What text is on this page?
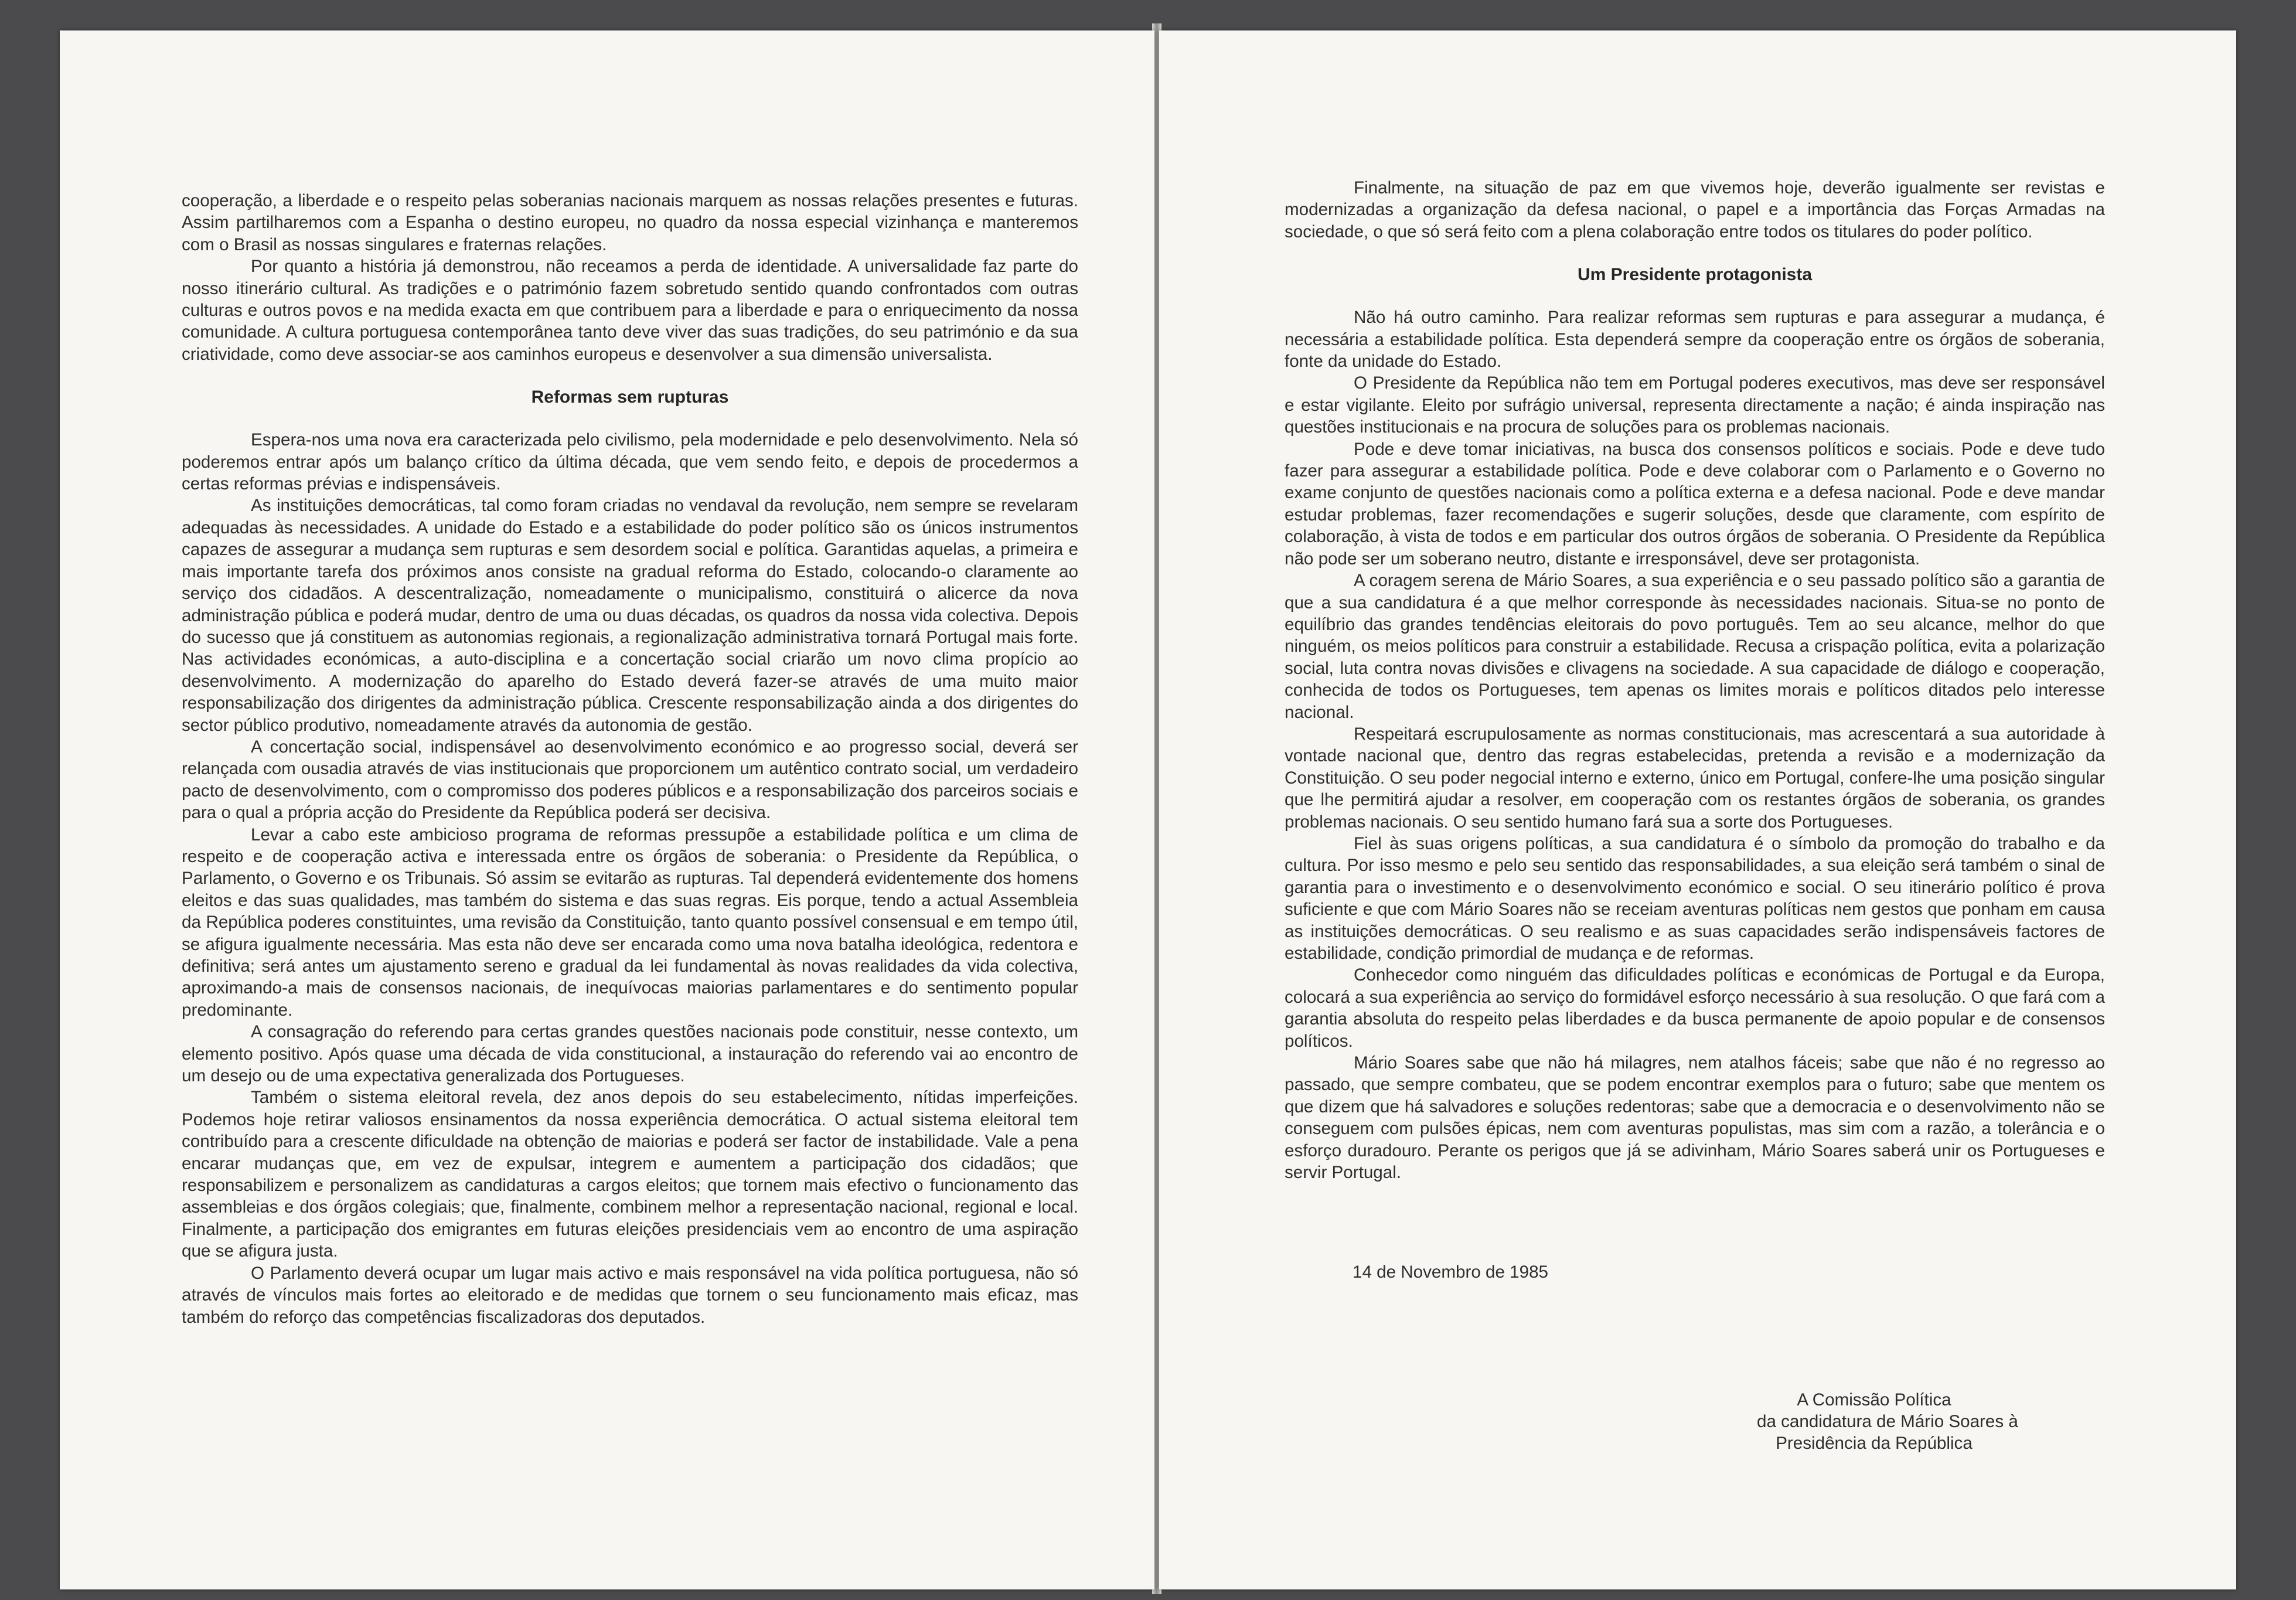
cooperação, a liberdade e o respeito pelas soberanias nacionais marquem as nossas relações presentes e futuras. Assim partilharemos com a Espanha o destino europeu, no quadro da nossa especial vizinhança e manteremos com o Brasil as nossas singulares e fraternas relações.

Por quanto a história já demonstrou, não receamos a perda de identidade. A universalidade faz parte do nosso itinerário cultural. As tradições e o património fazem sobretudo sentido quando confrontados com outras culturas e outros povos e na medida exacta em que contribuem para a liberdade e para o enriquecimento da nossa comunidade. A cultura portuguesa contemporânea tanto deve viver das suas tradições, do seu património e da sua criatividade, como deve associar-se aos caminhos europeus e desenvolver a sua dimensão universalista.

Reformas sem rupturas

Espera-nos uma nova era caracterizada pelo civilismo, pela modernidade e pelo desenvolvimento. Nela só poderemos entrar após um balanço crítico da última década, que vem sendo feito, e depois de procedermos a certas reformas prévias e indispensáveis.

As instituições democráticas, tal como foram criadas no vendaval da revolução, nem sempre se revelaram adequadas às necessidades. A unidade do Estado e a estabilidade do poder político são os únicos instrumentos capazes de assegurar a mudança sem rupturas e sem desordem social e política. Garantidas aquelas, a primeira e mais importante tarefa dos próximos anos consiste na gradual reforma do Estado, colocando-o claramente ao serviço dos cidadãos. A descentralização, nomeadamente o municipalismo, constituirá o alicerce da nova administração pública e poderá mudar, dentro de uma ou duas décadas, os quadros da nossa vida colectiva. Depois do sucesso que já constituem as autonomias regionais, a regionalização administrativa tornará Portugal mais forte. Nas actividades económicas, a auto-disciplina e a concertação social criarão um novo clima propício ao desenvolvimento. A modernização do aparelho do Estado deverá fazer-se através de uma muito maior responsabilização dos dirigentes da administração pública. Crescente responsabilização ainda a dos dirigentes do sector público produtivo, nomeadamente através da autonomia de gestão.

A concertação social, indispensável ao desenvolvimento económico e ao progresso social, deverá ser relançada com ousadia através de vias institucionais que proporcionem um autêntico contrato social, um verdadeiro pacto de desenvolvimento, com o compromisso dos poderes públicos e a responsabilização dos parceiros sociais e para o qual a própria acção do Presidente da República poderá ser decisiva.

Levar a cabo este ambicioso programa de reformas pressupõe a estabilidade política e um clima de respeito e de cooperação activa e interessada entre os órgãos de soberania: o Presidente da República, o Parlamento, o Governo e os Tribunais. Só assim se evitarão as rupturas. Tal dependerá evidentemente dos homens eleitos e das suas qualidades, mas também do sistema e das suas regras. Eis porque, tendo a actual Assembleia da República poderes constituintes, uma revisão da Constituição, tanto quanto possível consensual e em tempo útil, se afigura igualmente necessária. Mas esta não deve ser encarada como uma nova batalha ideológica, redentora e definitiva; será antes um ajustamento sereno e gradual da lei fundamental às novas realidades da vida colectiva, aproximando-a mais de consensos nacionais, de inequívocas maiorias parlamentares e do sentimento popular predominante.

A consagração do referendo para certas grandes questões nacionais pode constituir, nesse contexto, um elemento positivo. Após quase uma década de vida constitucional, a instauração do referendo vai ao encontro de um desejo ou de uma expectativa generalizada dos Portugueses.

Também o sistema eleitoral revela, dez anos depois do seu estabelecimento, nítidas imperfeições. Podemos hoje retirar valiosos ensinamentos da nossa experiência democrática. O actual sistema eleitoral tem contribuído para a crescente dificuldade na obtenção de maiorias e poderá ser factor de instabilidade. Vale a pena encarar mudanças que, em vez de expulsar, integrem e aumentem a participação dos cidadãos; que responsabilizem e personalizem as candidaturas a cargos eleitos; que tornem mais efectivo o funcionamento das assembleias e dos órgãos colegiais; que, finalmente, combinem melhor a representação nacional, regional e local. Finalmente, a participação dos emigrantes em futuras eleições presidenciais vem ao encontro de uma aspiração que se afigura justa.

O Parlamento deverá ocupar um lugar mais activo e mais responsável na vida política portuguesa, não só através de vínculos mais fortes ao eleitorado e de medidas que tornem o seu funcionamento mais eficaz, mas também do reforço das competências fiscalizadoras dos deputados.

Finalmente, na situação de paz em que vivemos hoje, deverão igualmente ser revistas e modernizadas a organização da defesa nacional, o papel e a importância das Forças Armadas na sociedade, o que só será feito com a plena colaboração entre todos os titulares do poder político.

Um Presidente protagonista

Não há outro caminho. Para realizar reformas sem rupturas e para assegurar a mudança, é necessária a estabilidade política. Esta dependerá sempre da cooperação entre os órgãos de soberania, fonte da unidade do Estado.

O Presidente da República não tem em Portugal poderes executivos, mas deve ser responsável e estar vigilante. Eleito por sufrágio universal, representa directamente a nação; é ainda inspiração nas questões institucionais e na procura de soluções para os problemas nacionais.

Pode e deve tomar iniciativas, na busca dos consensos políticos e sociais. Pode e deve tudo fazer para assegurar a estabilidade política. Pode e deve colaborar com o Parlamento e o Governo no exame conjunto de questões nacionais como a política externa e a defesa nacional. Pode e deve mandar estudar problemas, fazer recomendações e sugerir soluções, desde que claramente, com espírito de colaboração, à vista de todos e em particular dos outros órgãos de soberania. O Presidente da República não pode ser um soberano neutro, distante e irresponsável, deve ser protagonista.

A coragem serena de Mário Soares, a sua experiência e o seu passado político são a garantia de que a sua candidatura é a que melhor corresponde às necessidades nacionais. Situa-se no ponto de equilíbrio das grandes tendências eleitorais do povo português. Tem ao seu alcance, melhor do que ninguém, os meios políticos para construir a estabilidade. Recusa a crispação política, evita a polarização social, luta contra novas divisões e clivagens na sociedade. A sua capacidade de diálogo e cooperação, conhecida de todos os Portugueses, tem apenas os limites morais e políticos ditados pelo interesse nacional.

Respeitará escrupulosamente as normas constitucionais, mas acrescentará a sua autoridade à vontade nacional que, dentro das regras estabelecidas, pretenda a revisão e a modernização da Constituição. O seu poder negocial interno e externo, único em Portugal, confere-lhe uma posição singular que lhe permitirá ajudar a resolver, em cooperação com os restantes órgãos de soberania, os grandes problemas nacionais. O seu sentido humano fará sua a sorte dos Portugueses.

Fiel às suas origens políticas, a sua candidatura é o símbolo da promoção do trabalho e da cultura. Por isso mesmo e pelo seu sentido das responsabilidades, a sua eleição será também o sinal de garantia para o investimento e o desenvolvimento económico e social. O seu itinerário político é prova suficiente e que com Mário Soares não se receiam aventuras políticas nem gestos que ponham em causa as instituições democráticas. O seu realismo e as suas capacidades serão indispensáveis factores de estabilidade, condição primordial de mudança e de reformas.

Conhecedor como ninguém das dificuldades políticas e económicas de Portugal e da Europa, colocará a sua experiência ao serviço do formidável esforço necessário à sua resolução. O que fará com a garantia absoluta do respeito pelas liberdades e da busca permanente de apoio popular e de consensos políticos.

Mário Soares sabe que não há milagres, nem atalhos fáceis; sabe que não é no regresso ao passado, que sempre combateu, que se podem encontrar exemplos para o futuro; sabe que mentem os que dizem que há salvadores e soluções redentoras; sabe que a democracia e o desenvolvimento não se conseguem com pulsões épicas, nem com aventuras populistas, mas sim com a razão, a tolerância e o esforço duradouro. Perante os perigos que já se adivinham, Mário Soares saberá unir os Portugueses e servir Portugal.

14 de Novembro de 1985
A Comissão Política
da candidatura de Mário Soares à
Presidência da República
